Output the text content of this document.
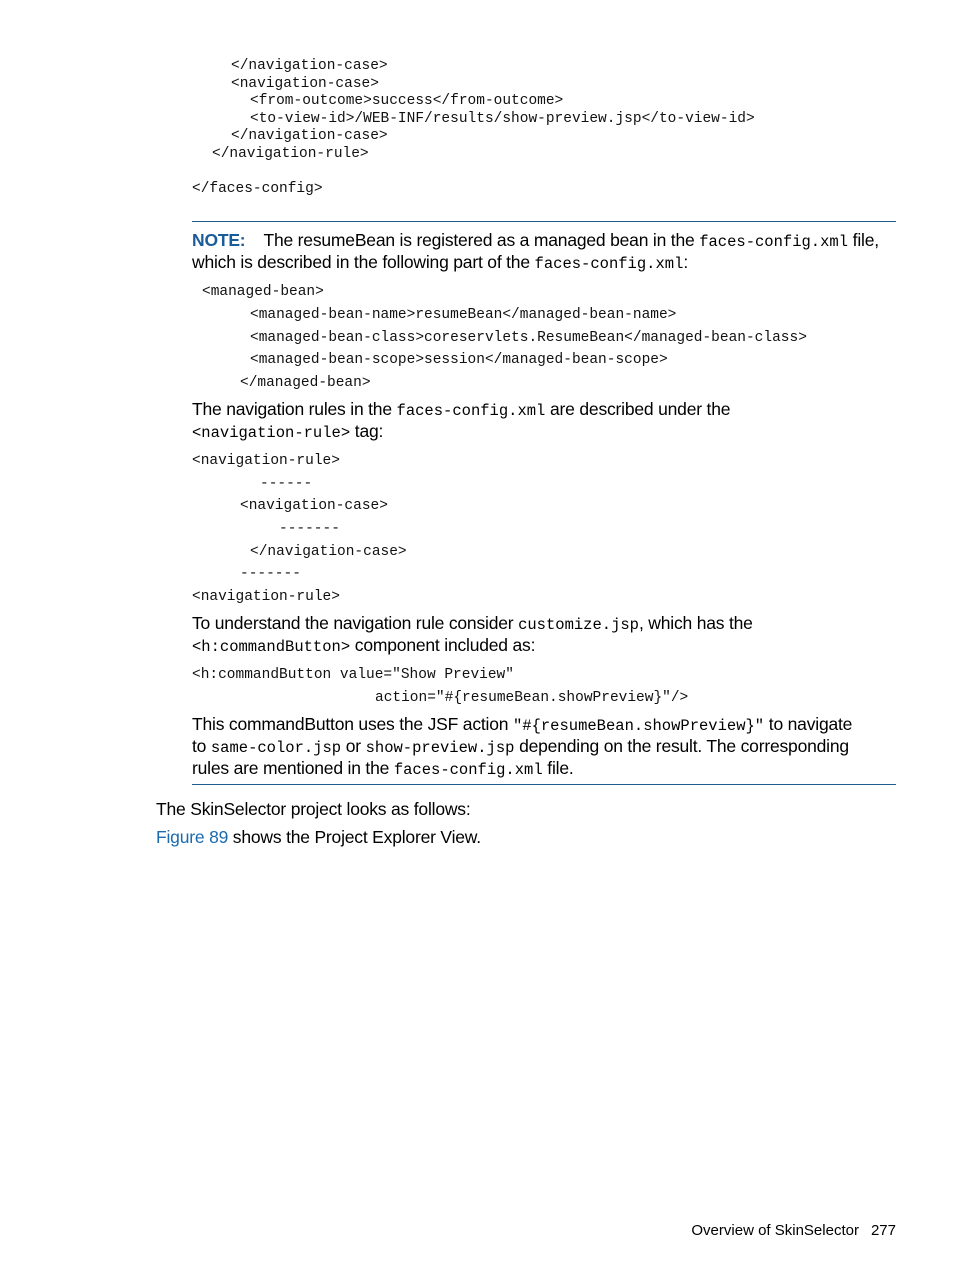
</navigation-case>
<navigation-case>
<from-outcome>success</from-outcome>
<to-view-id>/WEB-INF/results/show-preview.jsp</to-view-id>
</navigation-case>
</navigation-rule>
</faces-config>
NOTE: The resumeBean is registered as a managed bean in the faces-config.xml file,
which is described in the following part of the faces-config.xml:
<managed-bean>
<managed-bean-name>resumeBean</managed-bean-name>
<managed-bean-class>coreservlets.ResumeBean</managed-bean-class>
<managed-bean-scope>session</managed-bean-scope>
</managed-bean>
The navigation rules in the faces-config.xml are described under the
<navigation-rule> tag:
<navigation-rule>
------
<navigation-case>
-------
</navigation-case>
-------
<navigation-rule>
To understand the navigation rule consider customize.jsp, which has the
<h:commandButton> component included as:
<h:commandButton value="Show Preview"
action="#{resumeBean.showPreview}"/>
This commandButton uses the JSF action "#{resumeBean.showPreview}" to navigate
to same-color.jsp or show-preview.jsp depending on the result. The corresponding
rules are mentioned in the faces-config.xml file.
The SkinSelector project looks as follows:
Figure 89 shows the Project Explorer View.
Overview of SkinSelector 277
